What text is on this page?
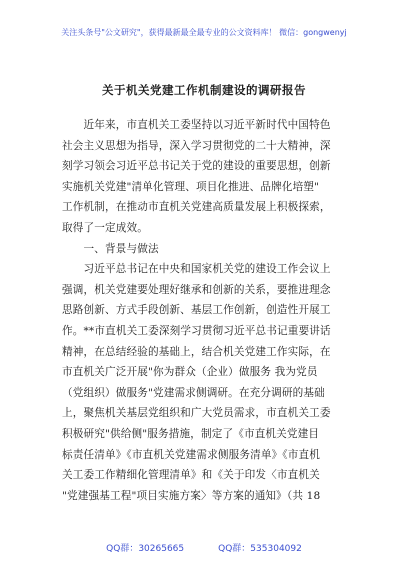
关注头条号"公文研究"，获得最新最全最专业的公文资料库！ 微信：gongwenyj
关于机关党建工作机制建设的调研报告
　　近年来，市直机关工委坚持以习近平新时代中国特色
社会主义思想为指导，深入学习贯彻党的二十大精神，深
刻学习领会习近平总书记关于党的建设的重要思想，创新
实施机关党建"清单化管理、项目化推进、品牌化培塑"
工作机制，在推动市直机关党建高质量发展上积极探索，
取得了一定成效。
　　一、背景与做法
　　习近平总书记在中央和国家机关党的建设工作会议上
强调，机关党建要处理好继承和创新的关系，要推进理念
思路创新、方式手段创新、基层工作创新，创造性开展工
作。**市直机关工委深刻学习贯彻习近平总书记重要讲话
精神，在总结经验的基础上，结合机关党建工作实际，在
市直机关广泛开展"你为群众（企业）做服务 我为党员
（党组织）做服务"党建需求侧调研。在充分调研的基础
上，聚焦机关基层党组织和广大党员需求，市直机关工委
积极研究"供给侧"服务措施，制定了《市直机关党建目
标责任清单》《市直机关党建需求侧服务清单》《市直机
关工委工作精细化管理清单》和《关于印发〈市直机关
"党建强基工程"项目实施方案〉等方案的通知》（共 18
QQ群：30265665	QQ群：535304092
